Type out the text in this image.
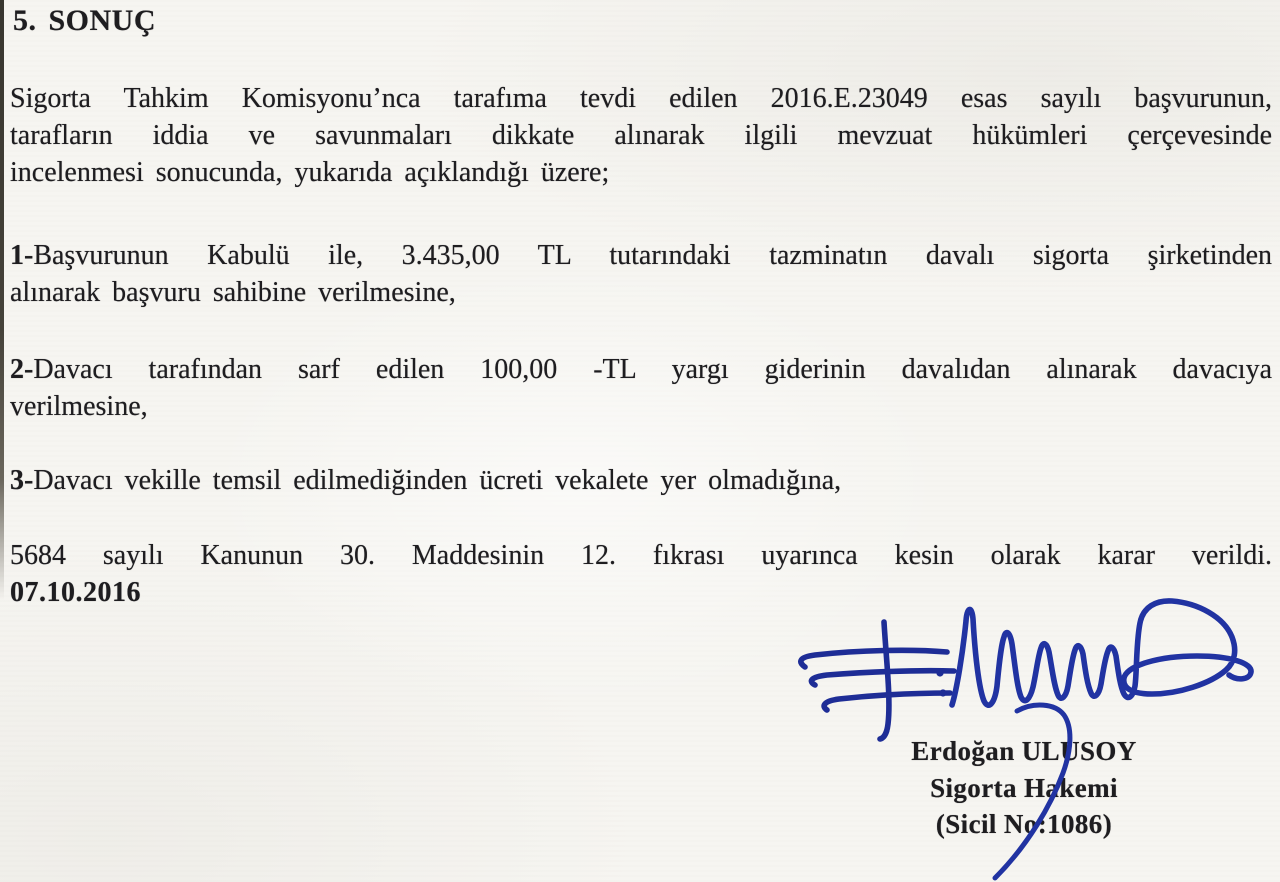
5. SONUÇ
Sigorta Tahkim Komisyonu’nca tarafıma tevdi edilen 2016.E.23049 esas sayılı başvurunun,
tarafların iddia ve savunmaları dikkate alınarak ilgili mevzuat hükümleri çerçevesinde
incelenmesi sonucunda, yukarıda açıklandığı üzere;
1-Başvurunun Kabulü ile, 3.435,00 TL tutarındaki tazminatın davalı sigorta şirketinden
alınarak başvuru sahibine verilmesine,
2-Davacı tarafından sarf edilen 100,00 -TL yargı giderinin davalıdan alınarak davacıya
verilmesine,
3-Davacı vekille temsil edilmediğinden ücreti vekalete yer olmadığına,
5684 sayılı Kanunun 30. Maddesinin 12. fıkrası uyarınca kesin olarak karar verildi.
07.10.2016
Erdoğan ULUSOY
Sigorta Hakemi
(Sicil No:1086)
